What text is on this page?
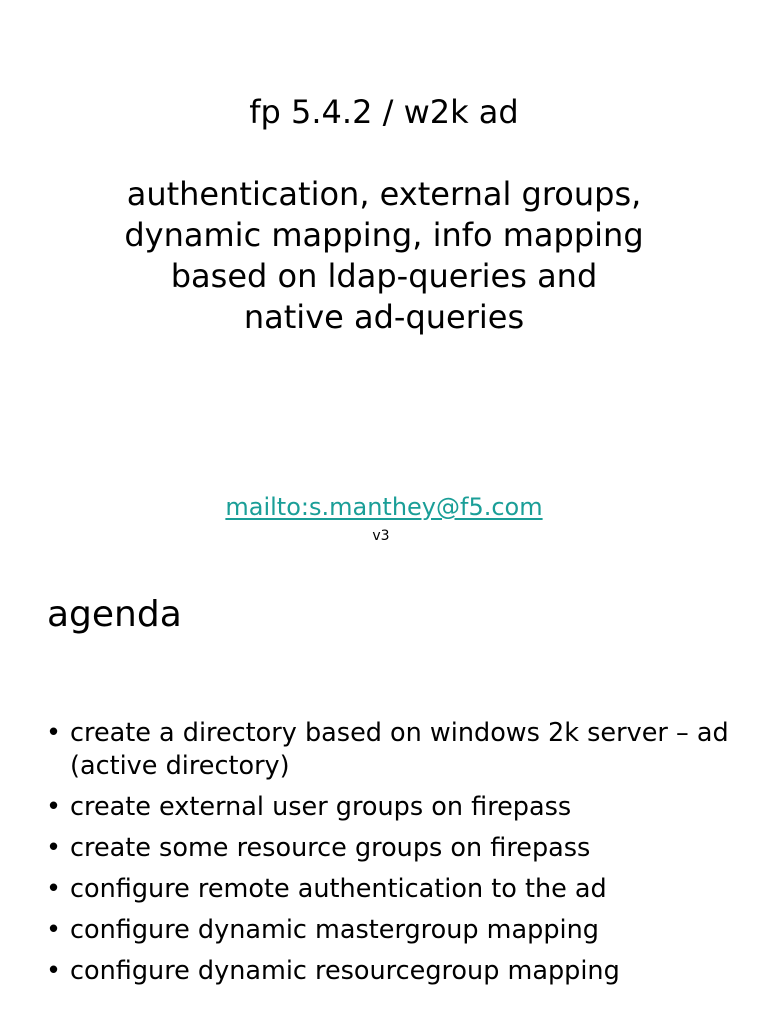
fp 5.4.2 / w2k ad
authentication, external groups,
dynamic mapping, info mapping
based on ldap-queries and
native ad-queries
mailto:s.manthey@f5.com
v3
agenda
• create a directory based on windows 2k server – ad (active directory)
• create external user groups on firepass
• create some resource groups on firepass
• configure remote authentication to the ad
• configure dynamic mastergroup mapping
• configure dynamic resourcegroup mapping
